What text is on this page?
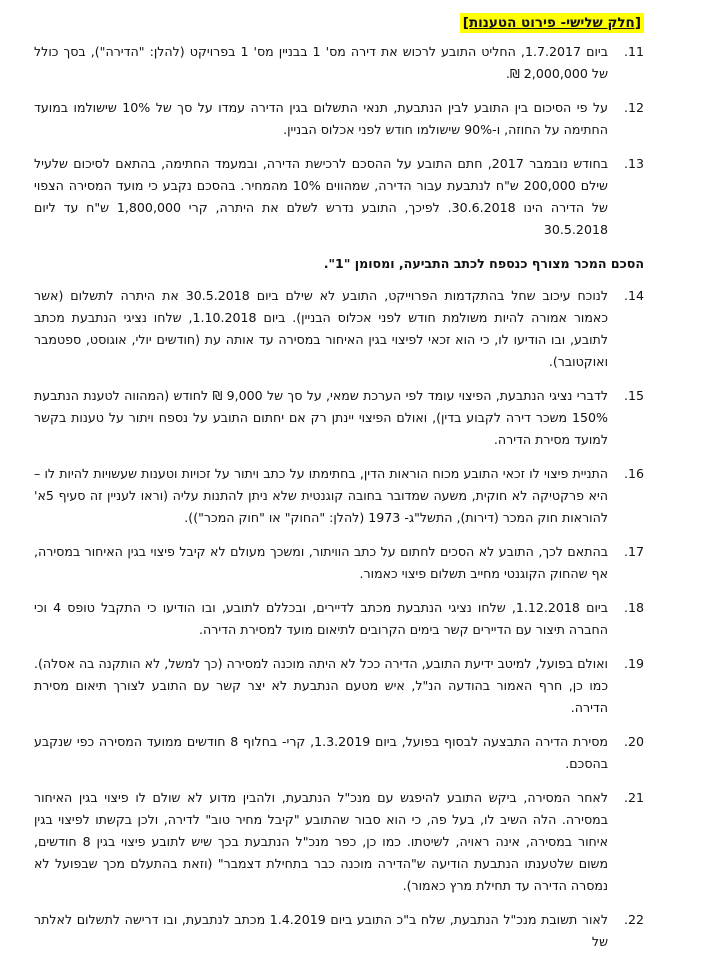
[חלק שלישי- פירוט הטענות]
11.
ביום 1.7.2017, החליט התובע לרכוש את דירה מס' 1 בבניין מס' 1 בפרויקט (להלן: "הדירה"), בסך כולל של 2,000,000 ₪.
12.
על פי הסיכום בין התובע לבין הנתבעת, תנאי התשלום בגין הדירה עמדו על סך של 10% שישולמו במועד החתימה על החוזה, ו-90% שישולמו חודש לפני אכלוס הבניין.
13.
בחודש נובמבר 2017, חתם התובע על ההסכם לרכישת הדירה, ובמעמד החתימה, בהתאם לסיכום שלעיל שילם 200,000 ש"ח לנתבעת עבור הדירה, שמהווים 10% מהמחיר. בהסכם נקבע כי מועד המסירה הצפוי של הדירה הינו 30.6.2018. לפיכך, התובע נדרש לשלם את היתרה, קרי 1,800,000 ש"ח עד ליום 30.5.2018
הסכם המכר מצורף כנספח לכתב התביעה, ומסומן "1".
14.
לנוכח עיכוב שחל בהתקדמות הפרוייקט, התובע לא שילם ביום 30.5.2018 את היתרה לתשלום (אשר כאמור אמורה להיות משולמת חודש לפני אכלוס הבניין). ביום 1.10.2018, שלחו נציגי הנתבעת מכתב לתובע, ובו הודיעו לו, כי הוא זכאי לפיצוי בגין האיחור במסירה עד אותה עת (חודשים יולי, אוגוסט, ספטמבר ואוקטובר).
15.
לדברי נציגי הנתבעת, הפיצוי עומד לפי הערכת שמאי, על סך של 9,000 ₪ לחודש (המהווה לטענת הנתבעת 150% משכר דירה לקבוע בדין), ואולם הפיצוי יינתן רק אם יחתום התובע על נספח ויתור על טענות בקשר למועד מסירת הדירה.
16.
התניית פיצוי לו זכאי התובע מכוח הוראות הדין, בחתימתו על כתב ויתור על זכויות וטענות שעשויות להיות לו – היא פרקטיקה לא חוקית, משעה שמדובר בחובה קוגנטית שלא ניתן להתנות עליה (וראו לעניין זה סעיף 5א' להוראות חוק המכר (דירות), התשל"ג- 1973 (להלן: "החוק" או "חוק המכר")).
17.
בהתאם לכך, התובע לא הסכים לחתום על כתב הוויתור, ומשכך מעולם לא קיבל פיצוי בגין האיחור במסירה, אף שהחוק הקוגנטי מחייב תשלום פיצוי כאמור.
18.
ביום 1.12.2018, שלחו נציגי הנתבעת מכתב לדיירים, ובכללם לתובע, ובו הודיעו כי התקבל טופס 4 וכי החברה תיצור עם הדיירים קשר בימים הקרובים לתיאום מועד למסירת הדירה.
19.
ואולם בפועל, למיטב ידיעת התובע, הדירה ככל לא היתה מוכנה למסירה (כך למשל, לא הותקנה בה אסלה). כמו כן, חרף האמור בהודעה הנ"ל, איש מטעם הנתבעת לא יצר קשר עם התובע לצורך תיאום מסירת הדירה.
20.
מסירת הדירה התבצעה לבסוף בפועל, ביום 1.3.2019, קרי- בחלוף 8 חודשים ממועד המסירה כפי שנקבע בהסכם.
21.
לאחר המסירה, ביקש התובע להיפגש עם מנכ"ל הנתבעת, ולהבין מדוע לא שולם לו פיצוי בגין האיחור במסירה. הלה השיב לו, בעל פה, כי הוא סבור שהתובע "קיבל מחיר טוב" לדירה, ולכן בקשתו לפיצוי בגין איחור במסירה, אינה ראויה, לשיטתו. כמו כן, כפר מנכ"ל הנתבעת בכך שיש לתובע פיצוי בגין 8 חודשים, משום שלטענתו הנתבעת הודיעה ש"הדירה מוכנה כבר בתחילת דצמבר" (וזאת בהתעלם מכך שבפועל לא נמסרה הדירה עד תחילת מרץ כאמור).
22.
לאור תשובת מנכ"ל הנתבעת, שלח ב"כ התובע ביום 1.4.2019 מכתב לנתבעת, ובו דרישה לתשלום לאלתר של
